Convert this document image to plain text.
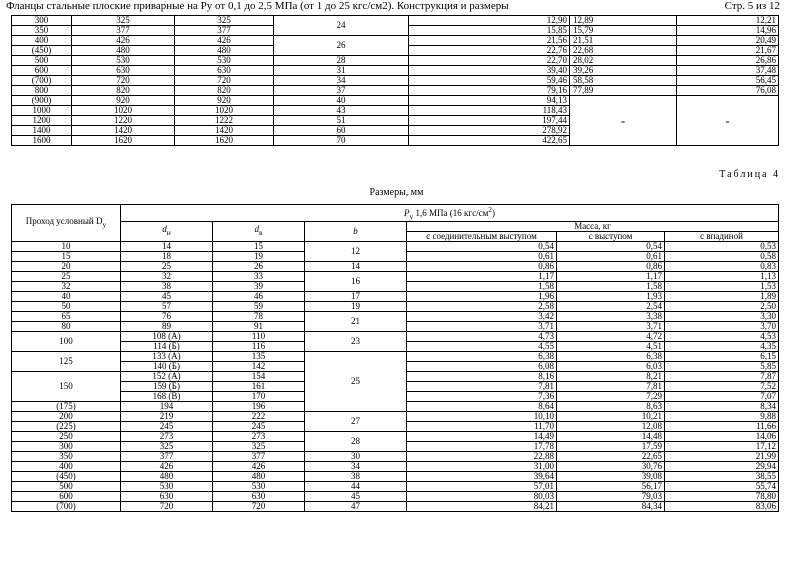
Фланцы стальные плоские приварные на Ру от 0,1 до 2,5 МПа (от 1 до 25 кгс/см2). Конструкция и размеры	Стр. 5 из 12
300	325	325	24	12,90	12,89	12,21
350	377	377		15,85	15,79	14,96
400	426	426	26	21,56	21,51	20,49
(450)	480	480		22,76	22,68	21,67
500	530	530	28	22,70	28,02	26,86
600	630	630	31	39,40	39,26	37,48
(700)	720	720	34	59,46	58,58	56,45
800	820	820	37	79,16	77,89	76,08
(900)	920	920	40	94,13	-	-
1000	1020	1020	43	118,43		
1200	1220	1222	51	197,44		
1400	1420	1420	60	278,92		
1600	1620	1620	70	422,65		
Таблица 4
Размеры, мм
Проход условный $D_у$	$P_у$ 1,6 МПа (16 кгс/$см^2$)					
	$d_н$	$d_в$	b	Масса, кг		
				с соединительным выступом	с выступом	с впадиной
10	14	15	12	0,54	0,54	0,53
15	18	19		0,61	0,61	0,58
20	25	26	14	0,86	0,86	0,83
25	32	33	16	1,17	1,17	1,13
32	38	39		1,58	1,58	1,53
40	45	46	17	1,96	1,93	1,89
50	57	59	19	2,58	2,54	2,50
65	76	78	21	3,42	3,38	3,30
80	89	91		3,71	3,71	3,70
100	108 (А)	110	23	4,73	4,72	4,53
	114 (Б)	116		4,55	4,51	4,35
125	133 (А)	135	25	6,38	6,38	6,15
	140 (Б)	142		6,08	6,03	5,85
150	152 (А)	154		8,16	8,21	7,87
	159 (Б)	161		7,81	7,81	7,52
	168 (В)	170		7,36	7,29	7,07
(175)	194	196		8,64	8,63	8,34
200	219	222	27	10,10	10,21	9,88
(225)	245	245		11,70	12,08	11,66
250	273	273	28	14,49	14,48	14,06
300	325	325		17,78	17,59	17,12
350	377	377	30	22,88	22,65	21,99
400	426	426	34	31,00	30,76	29,94
(450)	480	480	38	39,64	39,08	38,55
500	530	530	44	57,01	56,17	55,74
600	630	630	45	80,03	79,03	78,80
(700)	720	720	47	84,21	84,34	83,06
